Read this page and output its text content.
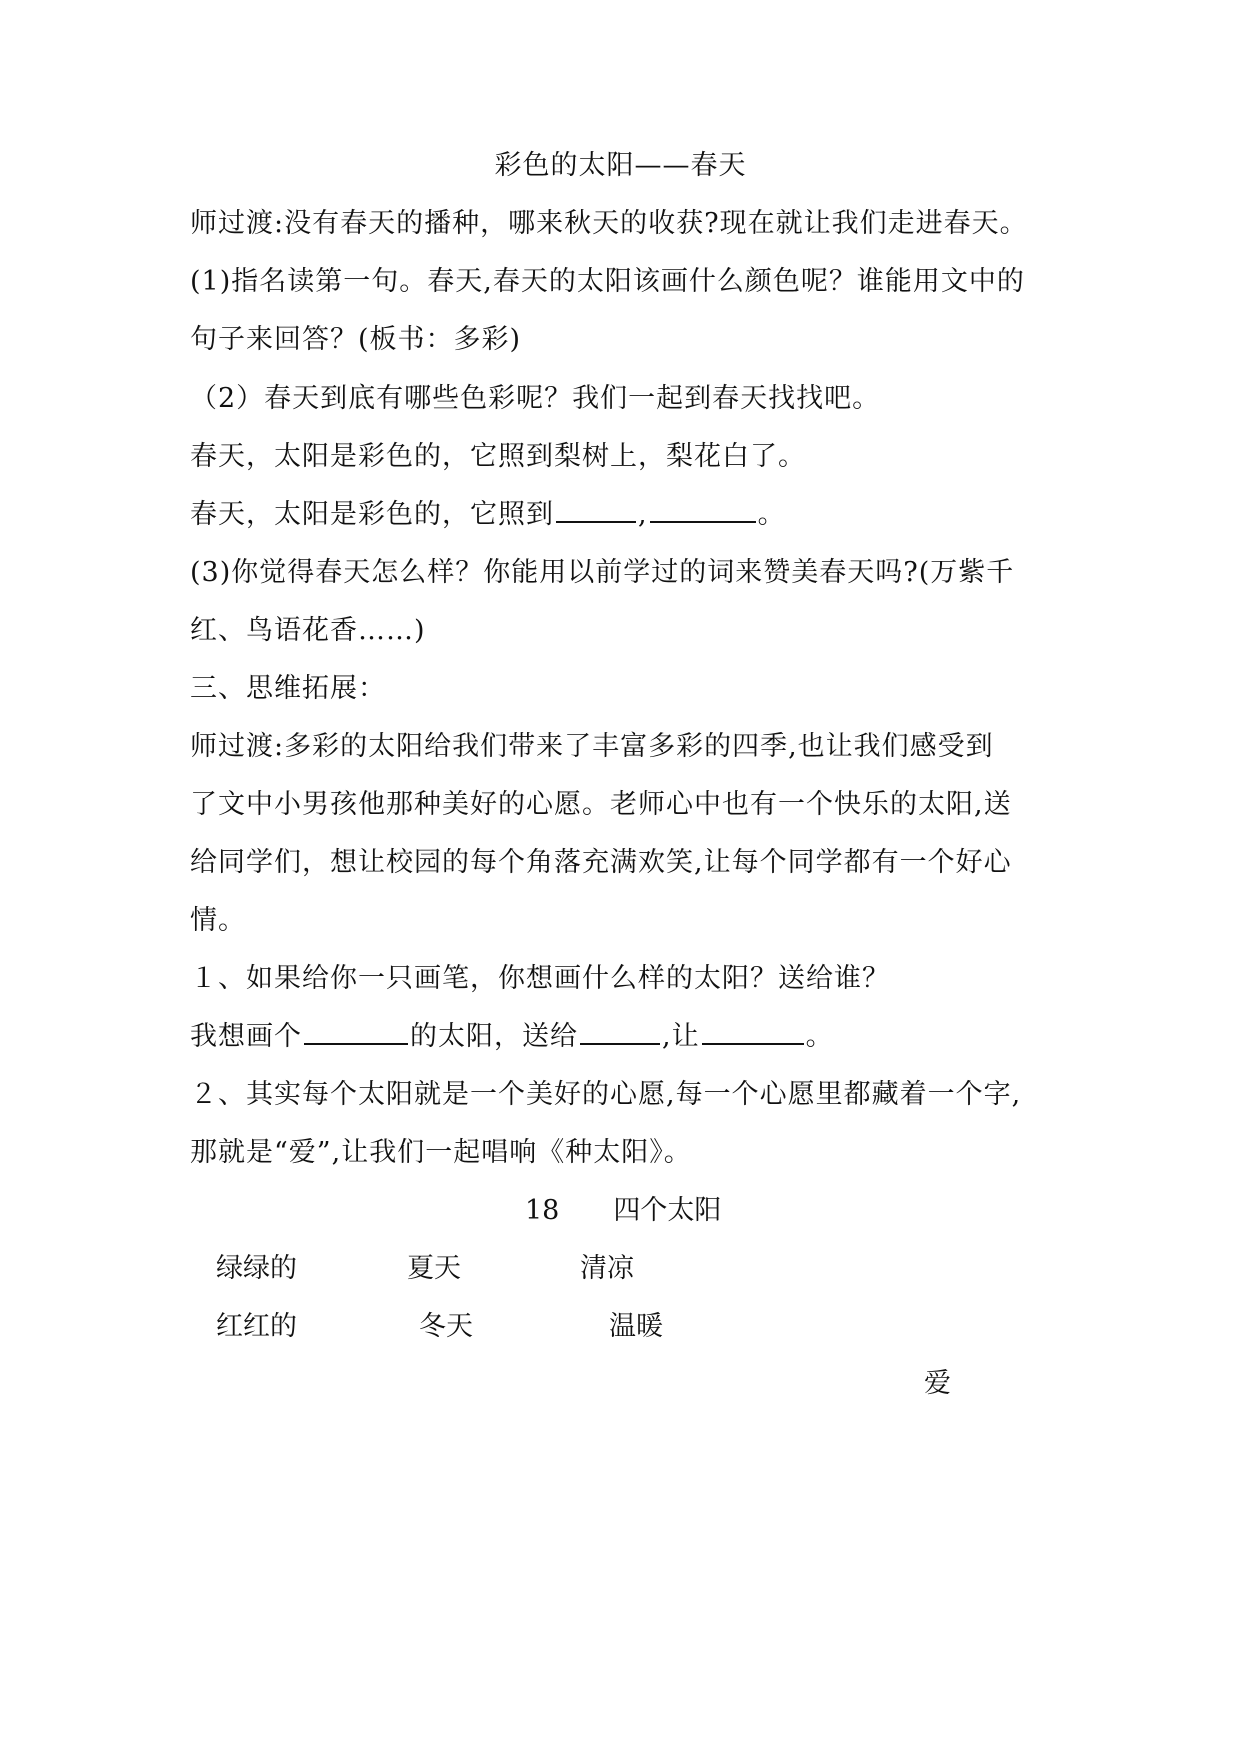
彩色的太阳——春天
师过渡:没有春天的播种，哪来秋天的收获?现在就让我们走进春天。
(1)指名读第一句。春天,春天的太阳该画什么颜色呢？谁能用文中的
句子来回答？(板书：多彩)
（2）春天到底有哪些色彩呢？我们一起到春天找找吧。
春天，太阳是彩色的，它照到梨树上，梨花白了。
春天，太阳是彩色的，它照到	,	。
(3)你觉得春天怎么样？你能用以前学过的词来赞美春天吗?(万紫千
红、鸟语花香……)
三、思维拓展：
师过渡:多彩的太阳给我们带来了丰富多彩的四季,也让我们感受到
了文中小男孩他那种美好的心愿。老师心中也有一个快乐的太阳,送
给同学们，想让校园的每个角落充满欢笑,让每个同学都有一个好心
情。
１、如果给你一只画笔，你想画什么样的太阳？送给谁？
我想画个	的太阳，送给	,让	。
２、其实每个太阳就是一个美好的心愿,每一个心愿里都藏着一个字,
那就是“爱”,让我们一起唱响《种太阳》。
18　　四个太阳
绿绿的	夏天	清凉
红红的	冬天	温暖
爱
